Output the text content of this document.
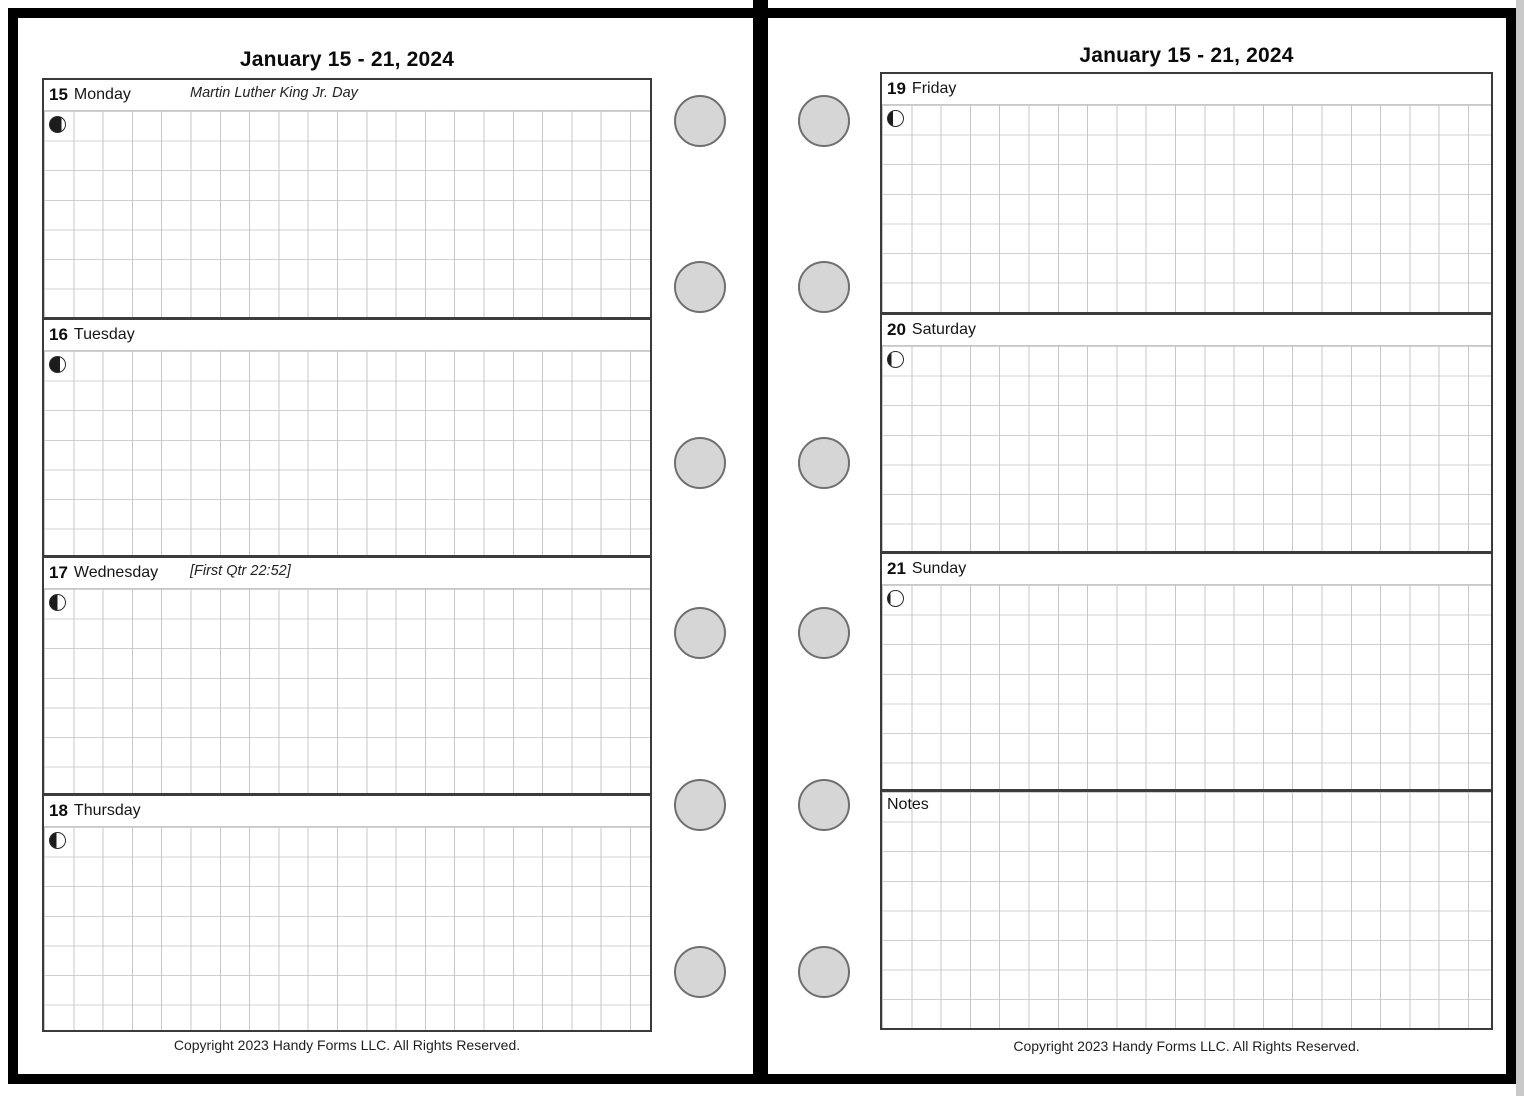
January 15 - 21, 2024
15 Monday	Martin Luther King Jr. Day
16 Tuesday
17 Wednesday [First Qtr 22:52]
18 Thursday
Copyright 2023 Handy Forms LLC. All Rights Reserved.
January 15 - 21, 2024
19 Friday
20 Saturday
21 Sunday
Notes
Copyright 2023 Handy Forms LLC. All Rights Reserved.
